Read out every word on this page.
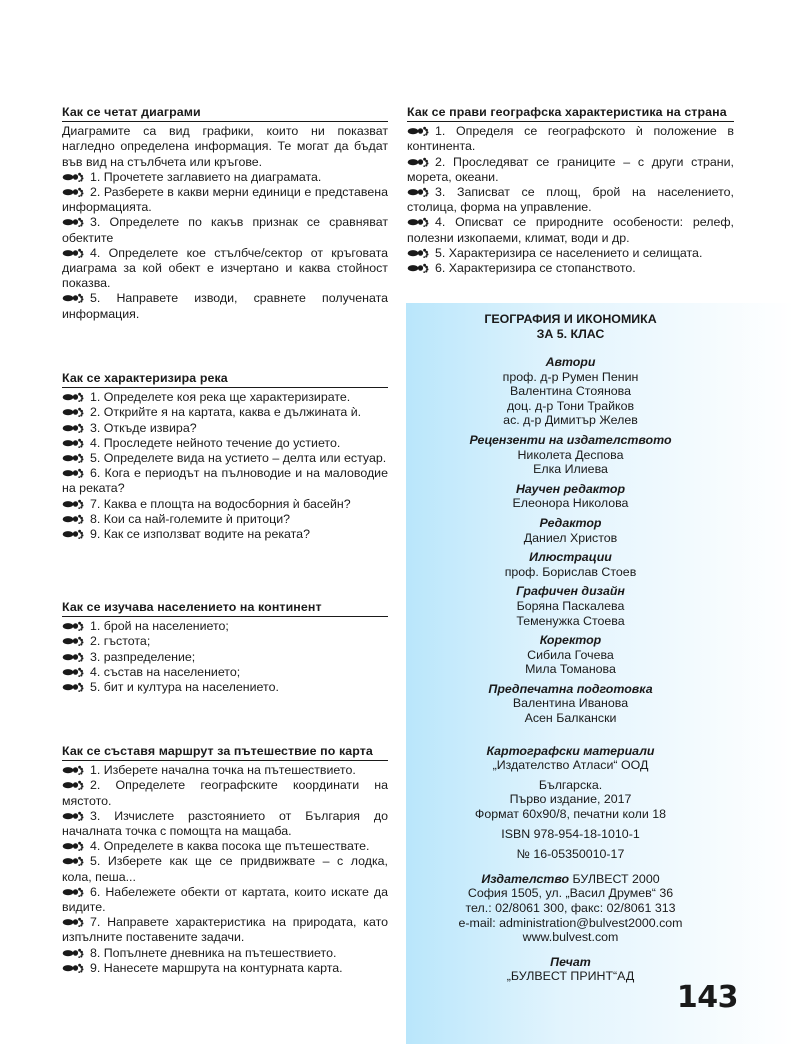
Как се четат диаграми
Диаграмите са вид графики, които ни показват нагледно определена информация. Те могат да бъдат във вид на стълбчета или кръгове.
1. Прочетете заглавието на диаграмата.
2. Разберете в какви мерни единици е представена информацията.
3. Определете по какъв признак се сравняват обектите
4. Определете кое стълбче/сектор от кръговата диаграма за кой обект е изчертано и каква стойност показва.
5. Направете изводи, сравнете получената информация.
Как се характеризира река
1. Определете коя река ще характеризирате.
2. Открийте я на картата, каква е дължината ѝ.
3. Откъде извира?
4. Проследете нейното течение до устието.
5. Определете вида на устието – делта или естуар.
6. Кога е периодът на пълноводие и на маловодие на реката?
7. Каква е площта на водосборния ѝ басейн?
8. Кои са най-големите ѝ притоци?
9. Как се използват водите на реката?
Как се изучава населението на континент
1. брой на населението;
2. гъстота;
3. разпределение;
4. състав на населението;
5. бит и култура на населението.
Как се съставя маршрут за пътешествие по карта
1. Изберете начална точка на пътешествието.
2. Определете географските координати на мястото.
3. Изчислете разстоянието от България до началната точка с помощта на мащаба.
4. Определете в каква посока ще пътешествате.
5. Изберете как ще се придвижвате – с лодка, кола, пеша...
6. Набележете обекти от картата, които искате да видите.
7. Направете характеристика на природата, като изпълните поставените задачи.
8. Попълнете дневника на пътешествието.
9. Нанесете маршрута на контурната карта.
Как се прави географска характеристика на страна
1. Определя се географското ѝ положение в континента.
2. Проследяват се границите – с други страни, морета, океани.
3. Записват се площ, брой на населението, столица, форма на управление.
4. Описват се природните особености: релеф, полезни изкопаеми, климат, води и др.
5. Характеризира се населението и селищата.
6. Характеризира се стопанството.
ГЕОГРАФИЯ И ИКОНОМИКА
ЗА 5. КЛАС
Автори
проф. д-р Румен Пенин
Валентина Стоянова
доц. д-р Тони Трайков
ас. д-р Димитър Желев
Рецензенти на издателството
Николета Деспова
Елка Илиева
Научен редактор
Елеонора Николова
Редактор
Даниел Христов
Илюстрации
проф. Борислав Стоев
Графичен дизайн
Боряна Паскалева
Теменужка Стоева
Коректор
Сибила Гочева
Мила Томанова
Предпечатна подготовка
Валентина Иванова
Асен Балкански
Картографски материали
„Издателство Атласи“ ООД
Българска.
Първо издание, 2017
Формат 60x90/8, печатни коли 18
ISBN 978-954-18-1010-1
№ 16-05350010-17
Издателство БУЛВЕСТ 2000
София 1505, ул. „Васил Друмев“ 36
тел.: 02/8061 300, факс: 02/8061 313
e-mail: administration@bulvest2000.com
www.bulvest.com
Печат
„БУЛВЕСТ ПРИНТ“АД
143
